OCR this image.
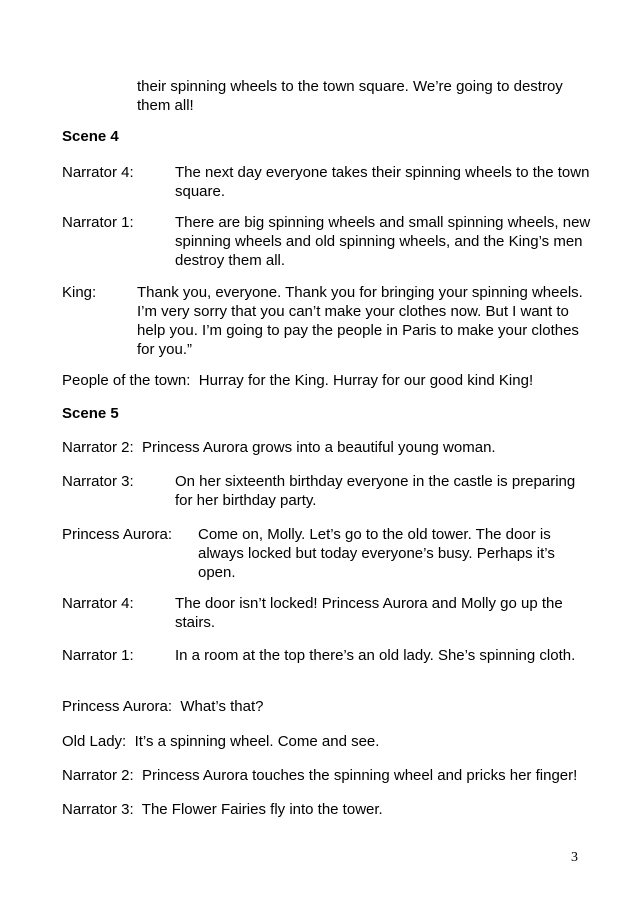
their spinning wheels to the town square. We’re going to destroy them all!
Scene 4
Narrator 4:	The next day everyone takes their spinning wheels to the town square.
Narrator 1:	There are big spinning wheels and small spinning wheels, new spinning wheels and old spinning wheels, and the King’s men destroy them all.
King:	Thank you, everyone. Thank you for bringing your spinning wheels. I’m very sorry that you can’t make your clothes now. But I want to help you. I’m going to pay the people in Paris to make your clothes for you.”
People of the town: Hurray for the King. Hurray for our good kind King!
Scene 5
Narrator 2: Princess Aurora grows into a beautiful young woman.
Narrator 3:	On her sixteenth birthday everyone in the castle is preparing for her birthday party.
Princess Aurora: Come on, Molly. Let’s go to the old tower. The door is always locked but today everyone’s busy. Perhaps it’s open.
Narrator 4:	The door isn’t locked! Princess Aurora and Molly go up the stairs.
Narrator 1:	In a room at the top there’s an old lady. She’s spinning cloth.
Princess Aurora: What’s that?
Old Lady: It’s a spinning wheel. Come and see.
Narrator 2: Princess Aurora touches the spinning wheel and pricks her finger!
Narrator 3: The Flower Fairies fly into the tower.
3
